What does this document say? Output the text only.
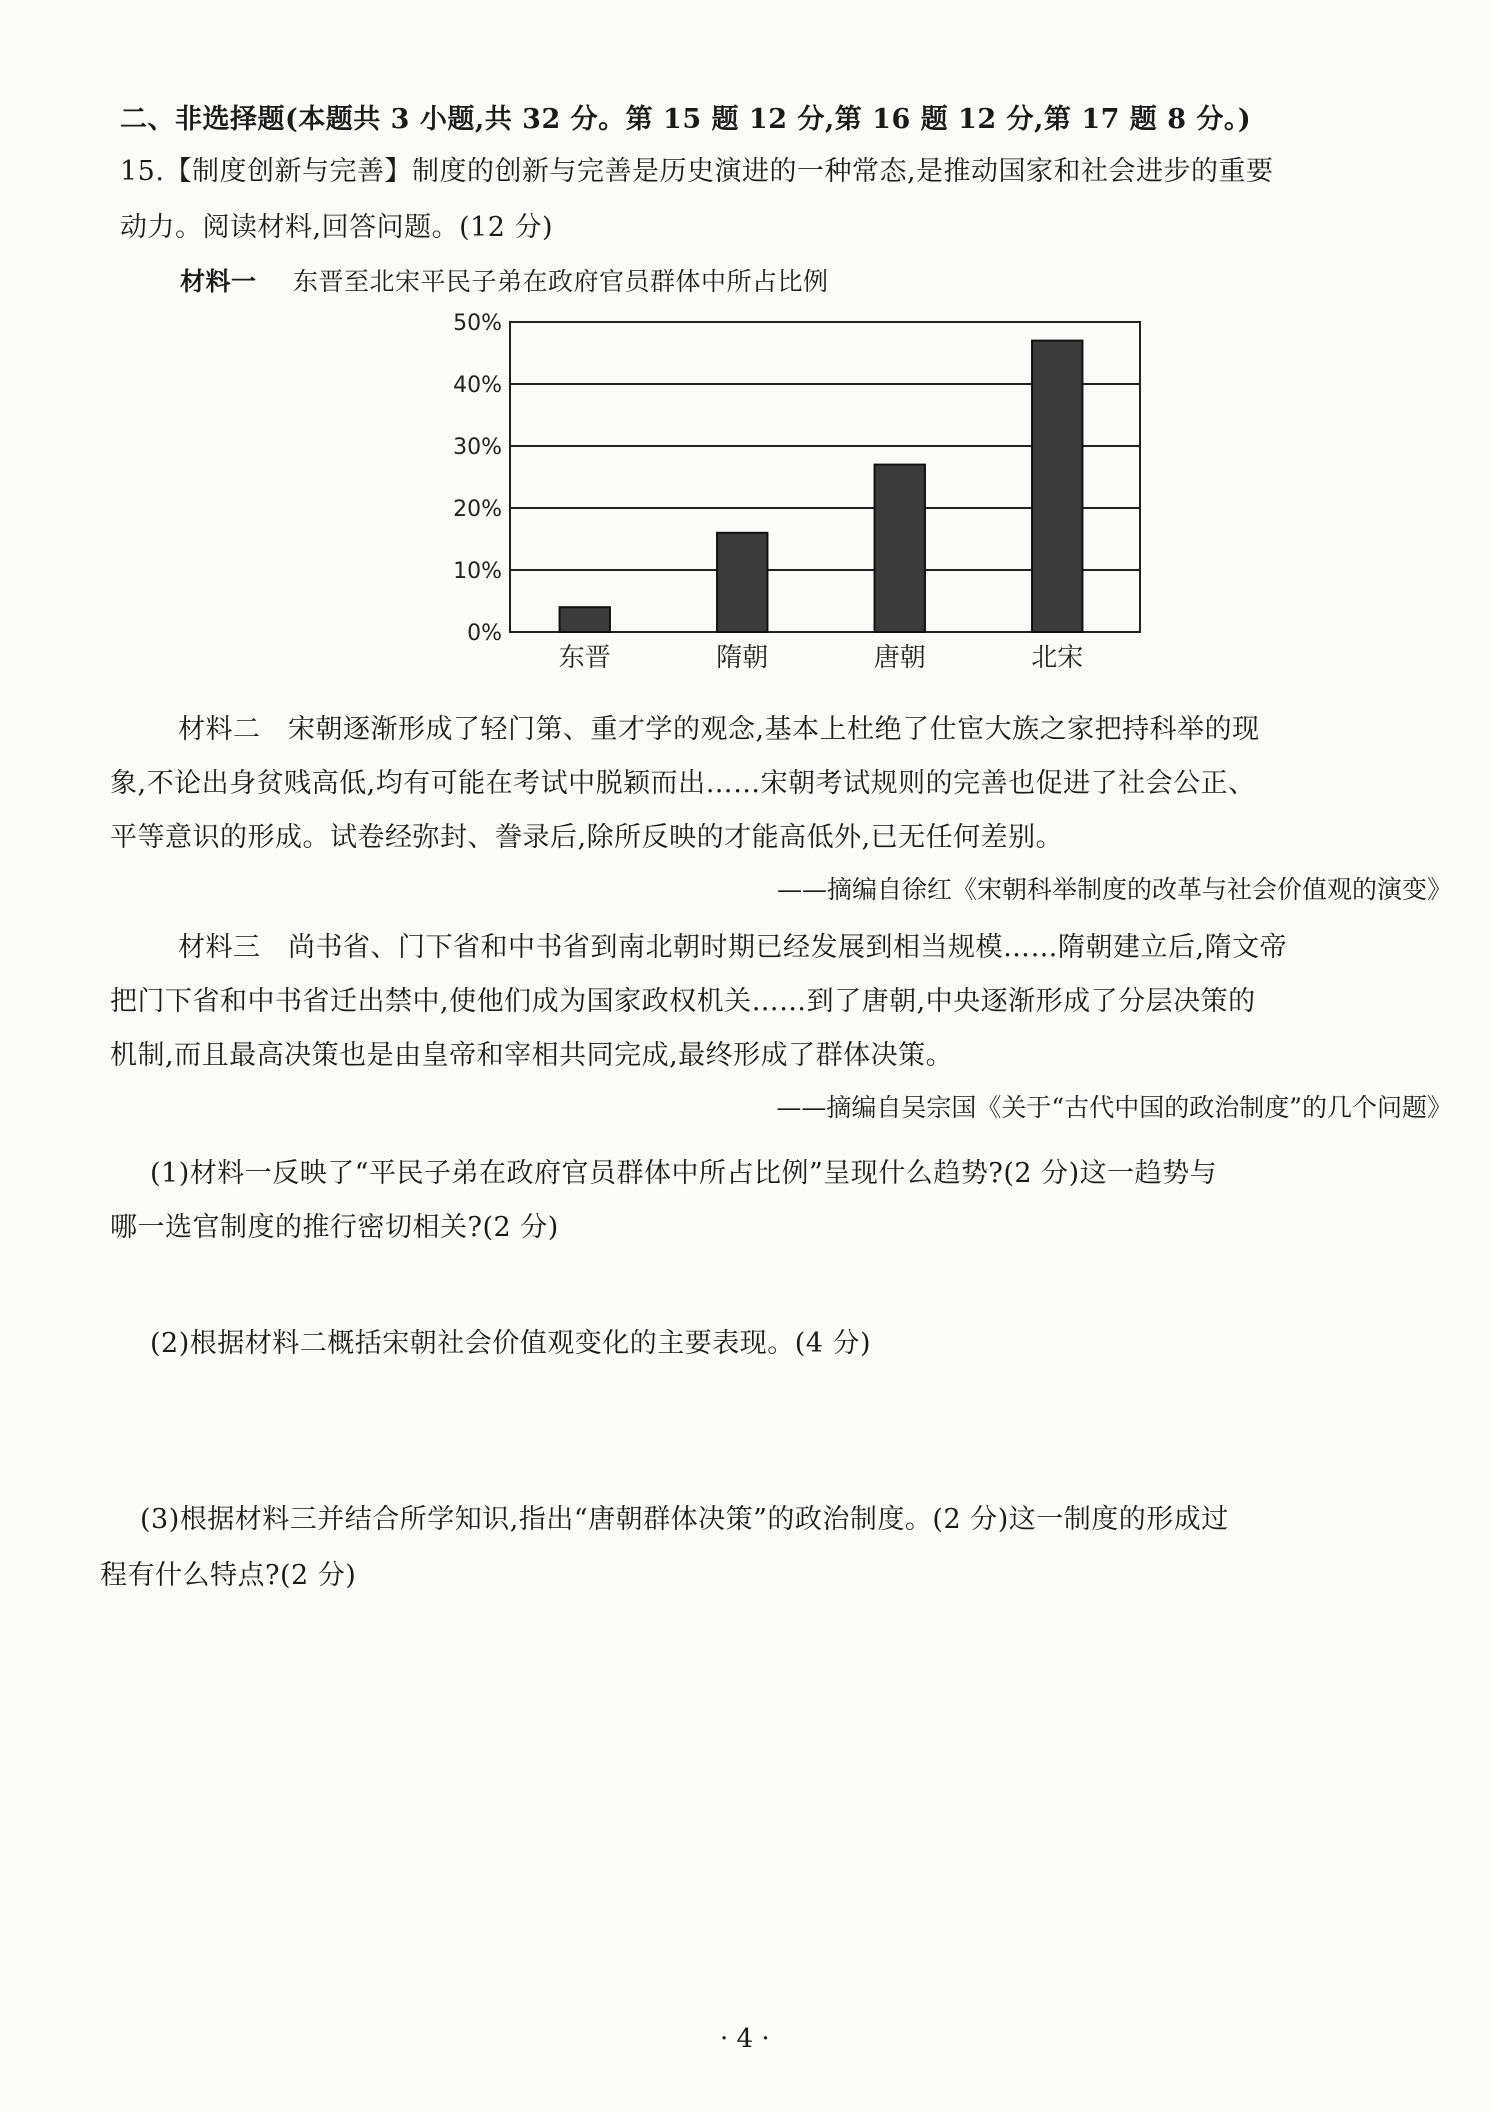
二、非选择题(本题共 3 小题,共 32 分。第 15 题 12 分,第 16 题 12 分,第 17 题 8 分。)
15.【制度创新与完善】制度的创新与完善是历史演进的一种常态,是推动国家和社会进步的重要
动力。阅读材料,回答问题。(12 分)
材料一 东晋至北宋平民子弟在政府官员群体中所占比例
0%
10%
20%
30%
40%
50%
东晋	隋朝	唐朝	北宋
材料二　宋朝逐渐形成了轻门第、重才学的观念,基本上杜绝了仕宦大族之家把持科举的现
象,不论出身贫贱高低,均有可能在考试中脱颖而出……宋朝考试规则的完善也促进了社会公正、
平等意识的形成。试卷经弥封、誊录后,除所反映的才能高低外,已无任何差别。
——摘编自徐红《宋朝科举制度的改革与社会价值观的演变》
材料三　尚书省、门下省和中书省到南北朝时期已经发展到相当规模……隋朝建立后,隋文帝
把门下省和中书省迁出禁中,使他们成为国家政权机关……到了唐朝,中央逐渐形成了分层决策的
机制,而且最高决策也是由皇帝和宰相共同完成,最终形成了群体决策。
——摘编自吴宗国《关于“古代中国的政治制度”的几个问题》
(1)材料一反映了“平民子弟在政府官员群体中所占比例”呈现什么趋势?(2 分)这一趋势与
哪一选官制度的推行密切相关?(2 分)
(2)根据材料二概括宋朝社会价值观变化的主要表现。(4 分)
(3)根据材料三并结合所学知识,指出“唐朝群体决策”的政治制度。(2 分)这一制度的形成过
程有什么特点?(2 分)
· 4 ·
